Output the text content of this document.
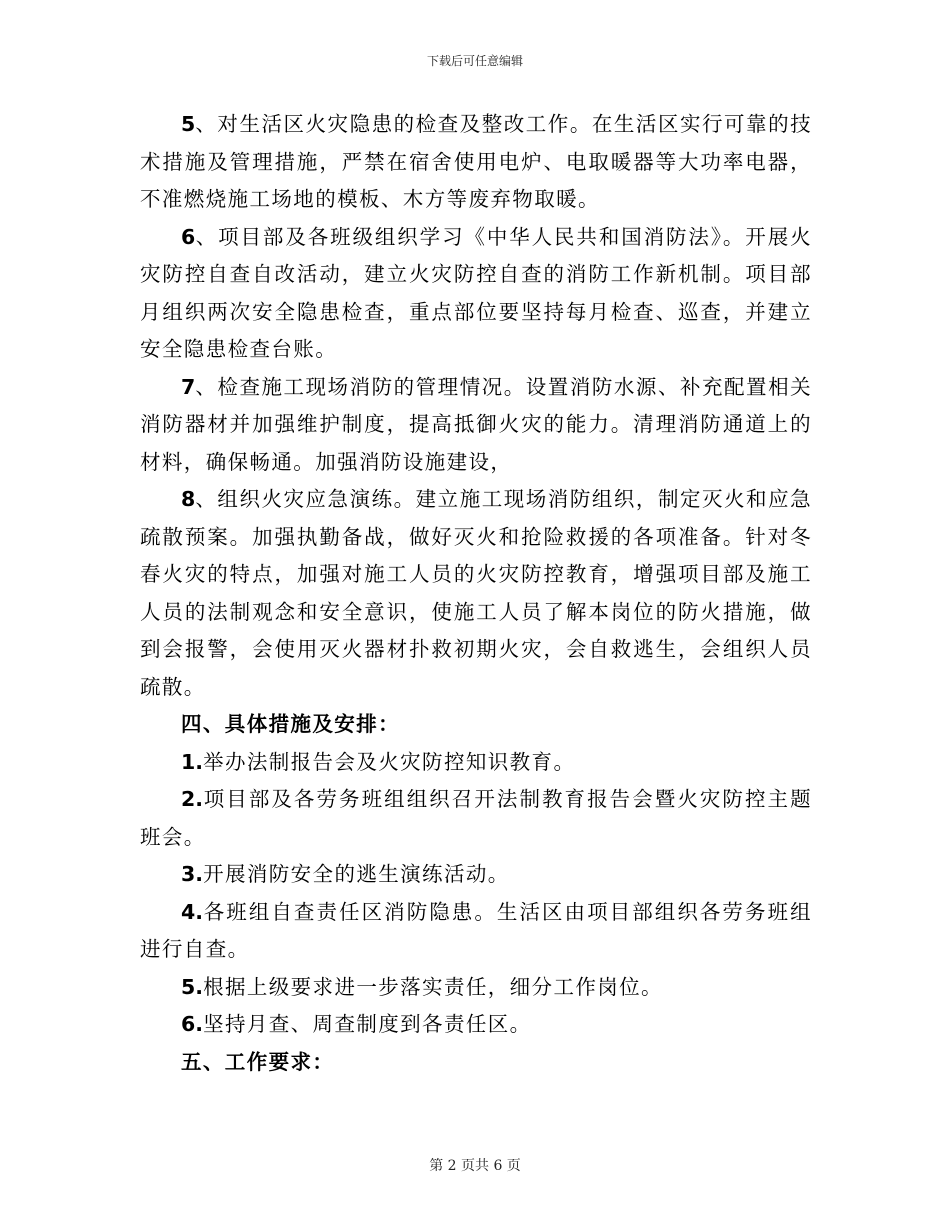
下载后可任意编辑

5、对生活区火灾隐患的检查及整改工作。在生活区实行可靠的技术措施及管理措施，严禁在宿舍使用电炉、电取暖器等大功率电器，不准燃烧施工场地的模板、木方等废弃物取暖。

6、项目部及各班级组织学习《中华人民共和国消防法》。开展火灾防控自查自改活动，建立火灾防控自查的消防工作新机制。项目部月组织两次安全隐患检查，重点部位要坚持每月检查、巡查，并建立安全隐患检查台账。

7、检查施工现场消防的管理情况。设置消防水源、补充配置相关消防器材并加强维护制度，提高抵御火灾的能力。清理消防通道上的材料，确保畅通。加强消防设施建设，

8、组织火灾应急演练。建立施工现场消防组织，制定灭火和应急疏散预案。加强执勤备战，做好灭火和抢险救援的各项准备。针对冬春火灾的特点，加强对施工人员的火灾防控教育，增强项目部及施工人员的法制观念和安全意识，使施工人员了解本岗位的防火措施，做到会报警，会使用灭火器材扑救初期火灾，会自救逃生，会组织人员疏散。

四、具体措施及安排：

1.举办法制报告会及火灾防控知识教育。

2.项目部及各劳务班组组织召开法制教育报告会暨火灾防控主题班会。

3.开展消防安全的逃生演练活动。

4.各班组自查责任区消防隐患。生活区由项目部组织各劳务班组进行自查。

5.根据上级要求进一步落实责任，细分工作岗位。

6.坚持月查、周查制度到各责任区。

五、工作要求：

第 2 页共 6 页
